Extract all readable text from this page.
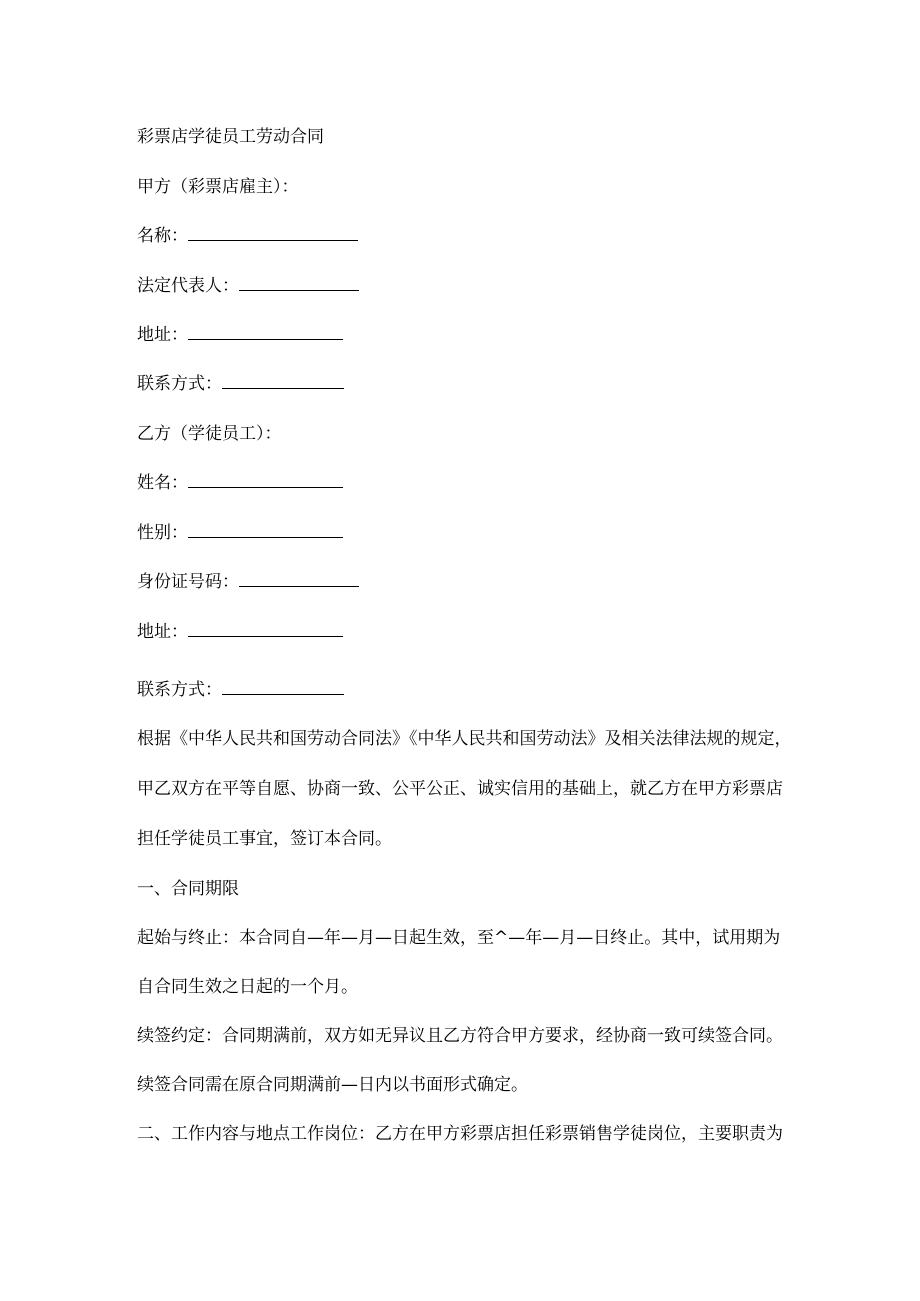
彩票店学徒员工劳动合同

甲方（彩票店雇主）：

名称：

法定代表人：

地址：

联系方式：

乙方（学徒员工）：

姓名：

性别：

身份证号码：

地址：

联系方式：

根据《中华人民共和国劳动合同法》《中华人民共和国劳动法》及相关法律法规的规定，

甲乙双方在平等自愿、协商一致、公平公正、诚实信用的基础上，就乙方在甲方彩票店

担任学徒员工事宜，签订本合同。

一、合同期限

起始与终止：本合同自—年—月—日起生效，至^—年—月—日终止。其中，试用期为

自合同生效之日起的一个月。

续签约定：合同期满前，双方如无异议且乙方符合甲方要求，经协商一致可续签合同。

续签合同需在原合同期满前—日内以书面形式确定。

二、工作内容与地点工作岗位：乙方在甲方彩票店担任彩票销售学徒岗位，主要职责为
